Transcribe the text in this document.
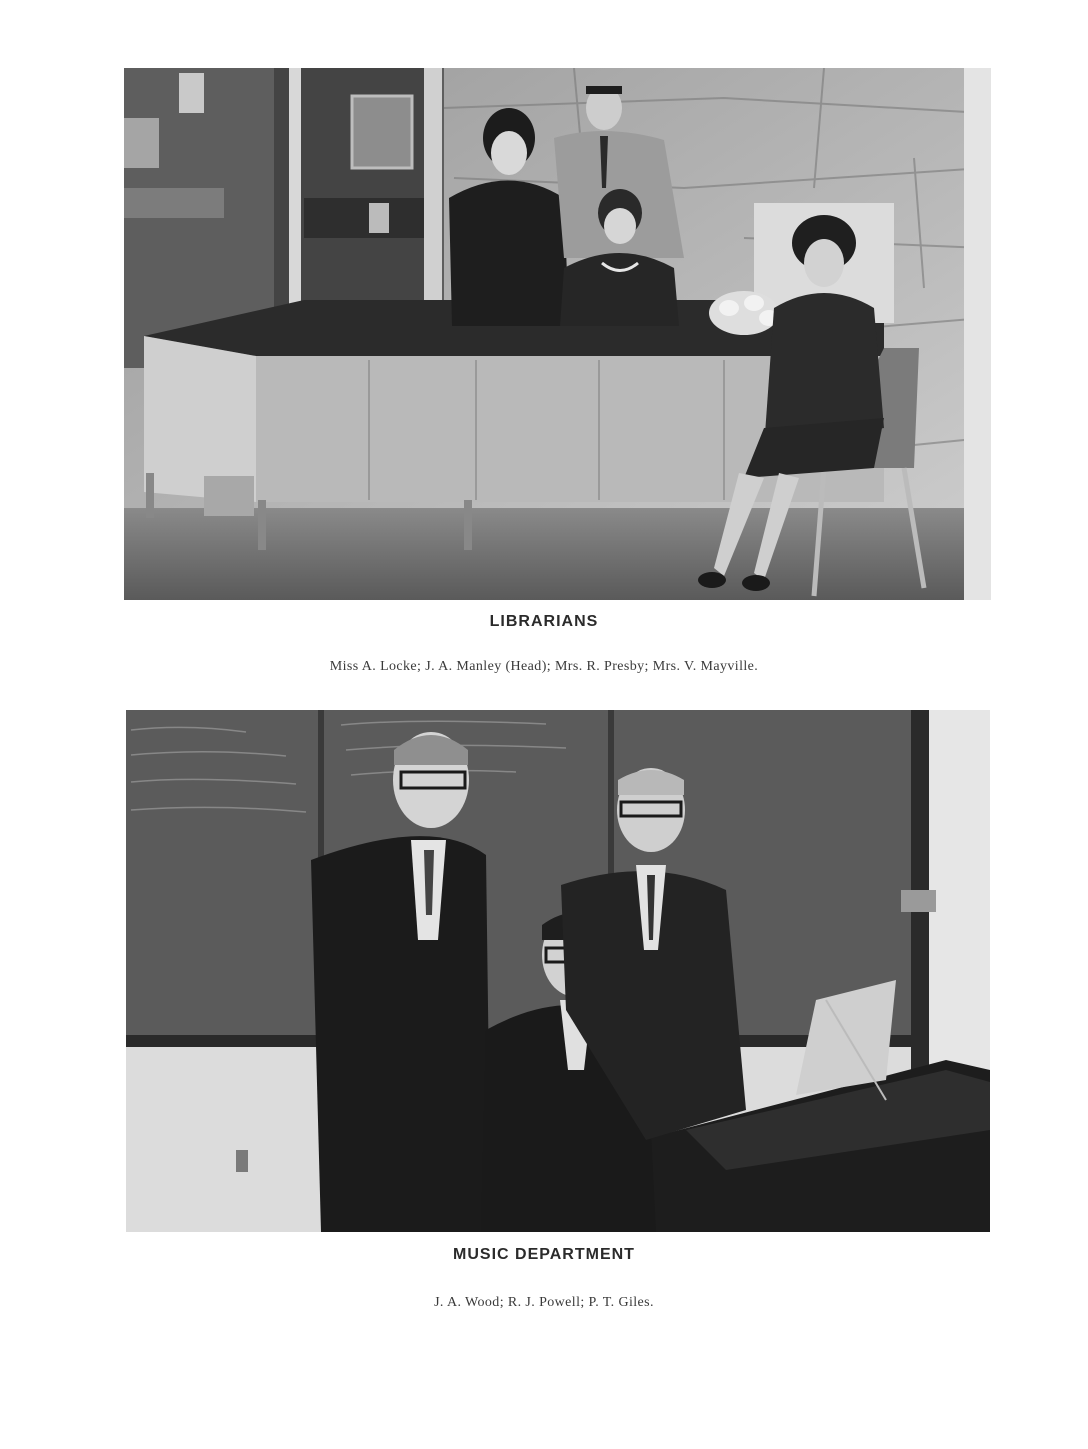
LIBRARIANS
Miss A. Locke; J. A. Manley (Head); Mrs. R. Presby; Mrs. V. Mayville.
MUSIC DEPARTMENT
J. A. Wood; R. J. Powell; P. T. Giles.
